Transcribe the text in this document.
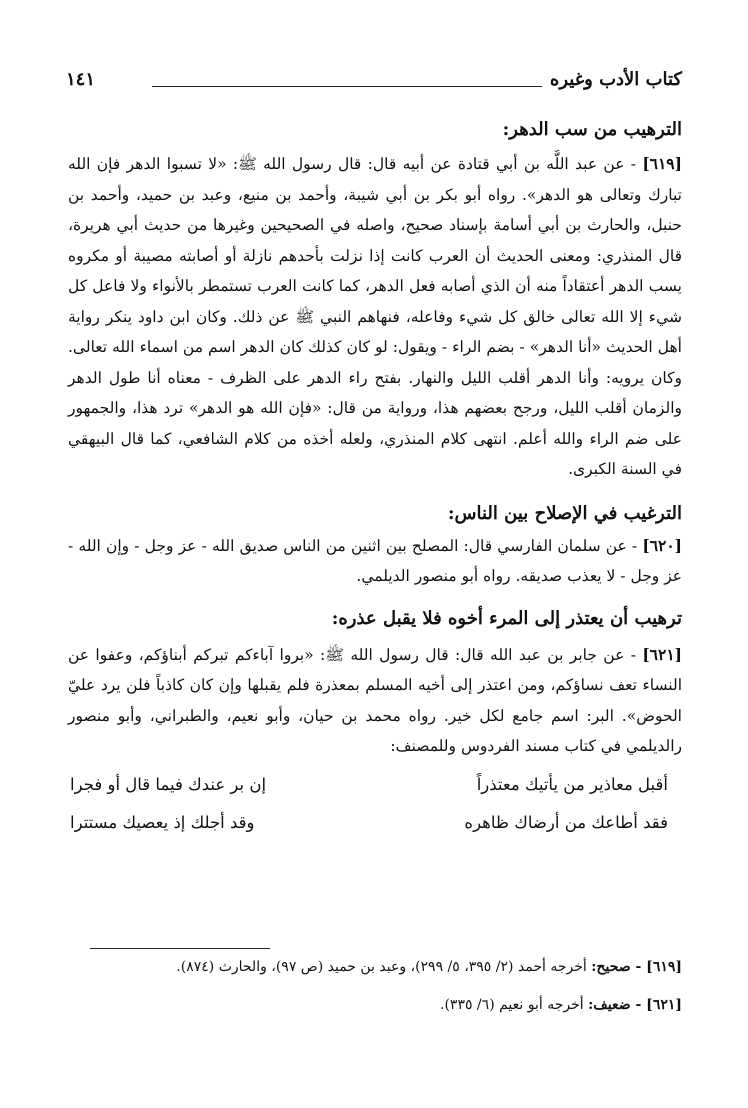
كتاب الأدب وغيره
١٤١
الترهيب من سب الدهر:

[٦١٩] - عن عبد اللَّه بن أبي قتادة عن أبيه قال: قال رسول الله ﷺ: «لا تسبوا الدهر فإن الله تبارك وتعالى هو الدهر». رواه أبو بكر بن أبي شيبة، وأحمد بن منيع، وعبد بن حميد، وأحمد بن حنبل، والحارث بن أبي أسامة بإسناد صحيح، واصله في الصحيحين وغيرها من حديث أبي هريرة، قال المنذري: ومعنى الحديث أن العرب كانت إذا نزلت بأحدهم نازلة أو أصابته مصيبة أو مكروه يسب الدهر أعتقاداً منه أن الذي أصابه فعل الدهر، كما كانت العرب تستمطر بالأنواء ولا فاعل كل شيء إلا الله تعالى خالق كل شيء وفاعله، فنهاهم النبي ﷺ عن ذلك. وكان ابن داود ينكر رواية أهل الحديث «أنا الدهر» - بضم الراء - ويقول: لو كان كذلك كان الدهر اسم من اسماء الله تعالى. وكان يرويه: وأنا الدهر أقلب الليل والنهار. بفتح راء الدهر على الظرف - معناه أنا طول الدهر والزمان أقلب الليل، ورجح بعضهم هذا، ورواية من قال: «فإن الله هو الدهر» ترد هذا، والجمهور على ضم الراء والله أعلم. انتهى كلام المنذري، ولعله أخذه من كلام الشافعي، كما قال البيهقي في السنة الكبرى.

الترغيب في الإصلاح بين الناس:

[٦٢٠] - عن سلمان الفارسي قال: المصلح بين اثنين من الناس صديق الله - عز وجل - وإن الله - عز وجل - لا يعذب صديقه. رواه أبو منصور الديلمي.

ترهيب أن يعتذر إلى المرء أخوه فلا يقبل عذره:

[٦٢١] - عن جابر بن عبد الله قال: قال رسول الله ﷺ: «بروا آباءكم تبركم أبناؤكم، وعفوا عن النساء تعف نساؤكم، ومن اعتذر إلى أخيه المسلم بمعذرة فلم يقبلها وإن كان كاذباً فلن يرد عليّ الحوض». البر: اسم جامع لكل خير. رواه محمد بن حيان، وأبو نعيم، والطبراني، وأبو منصور رالديلمي في كتاب مسند الفردوس وللمصنف:

أقبل معاذير من يأتيك معتذراً
إن بر عندك فيما قال أو فجرا
فقد أطاعك من أرضاك ظاهره
وقد أجلك إذ يعصيك مستترا

[٦١٩] - صحيح: أخرجه أحمد (٢/ ٣٩٥، ٥/ ٢٩٩)، وعبد بن حميد (ص ٩٧)، والحارث (٨٧٤).

[٦٢١] - ضعيف: أخرجه أبو نعيم (٦/ ٣٣٥).
